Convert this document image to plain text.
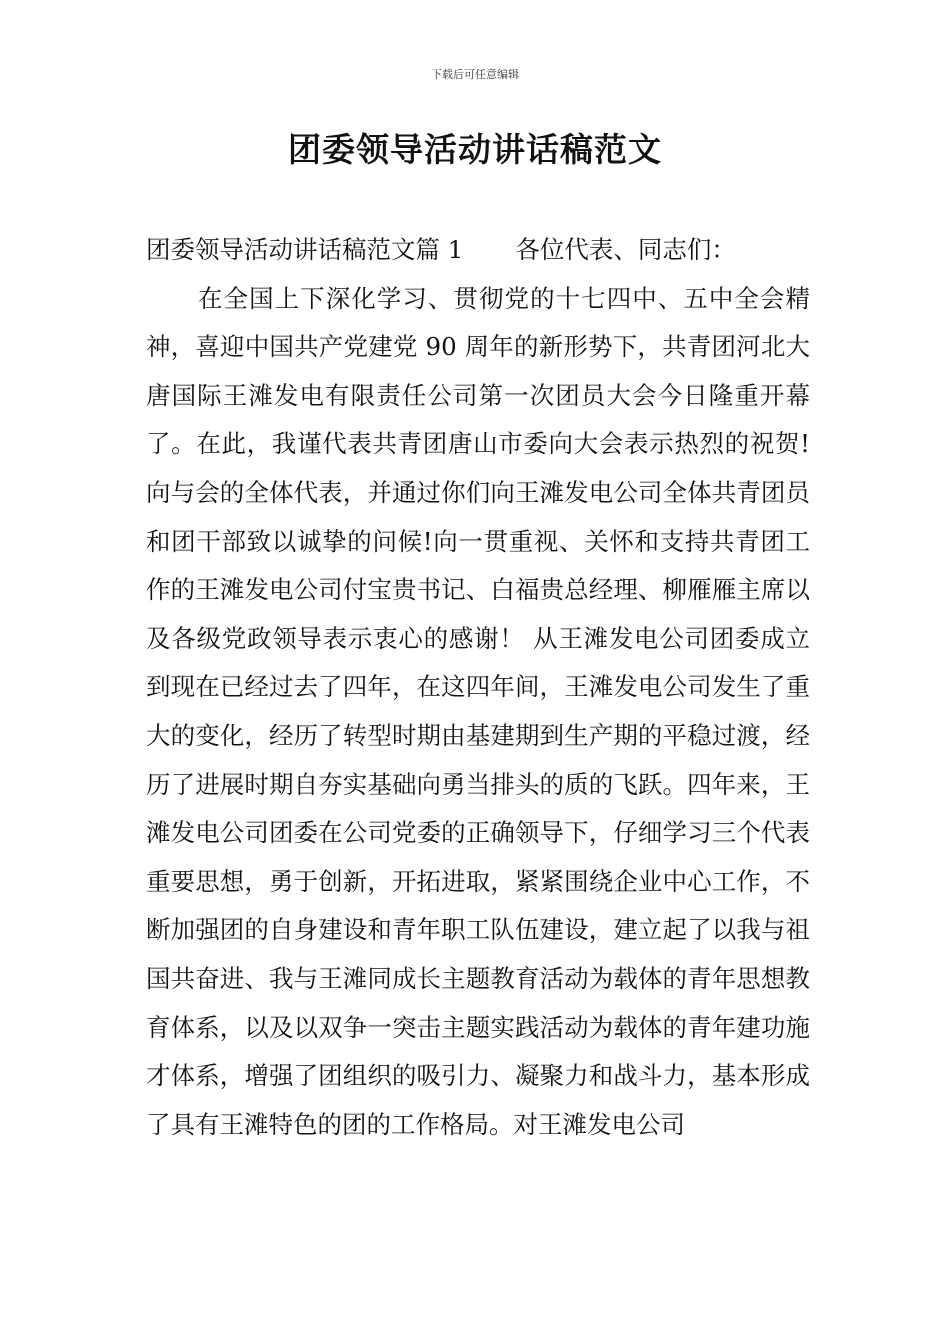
下载后可任意编辑
团委领导活动讲话稿范文
团委领导活动讲话稿范文篇 1 各位代表、同志们：

在全国上下深化学习、贯彻党的十七四中、五中全会精神，喜迎中国共产党建党 90 周年的新形势下，共青团河北大唐国际王滩发电有限责任公司第一次团员大会今日隆重开幕了。在此，我谨代表共青团唐山市委向大会表示热烈的祝贺!向与会的全体代表，并通过你们向王滩发电公司全体共青团员和团干部致以诚挚的问候!向一贯重视、关怀和支持共青团工作的王滩发电公司付宝贵书记、白福贵总经理、柳雁雁主席以及各级党政领导表示衷心的感谢！ 从王滩发电公司团委成立到现在已经过去了四年，在这四年间，王滩发电公司发生了重大的变化，经历了转型时期由基建期到生产期的平稳过渡，经历了进展时期自夯实基础向勇当排头的质的飞跃。四年来，王滩发电公司团委在公司党委的正确领导下，仔细学习三个代表重要思想，勇于创新，开拓进取，紧紧围绕企业中心工作，不断加强团的自身建设和青年职工队伍建设，建立起了以我与祖国共奋进、我与王滩同成长主题教育活动为载体的青年思想教育体系，以及以双争一突击主题实践活动为载体的青年建功施才体系，增强了团组织的吸引力、凝聚力和战斗力，基本形成了具有王滩特色的团的工作格局。对王滩发电公司
